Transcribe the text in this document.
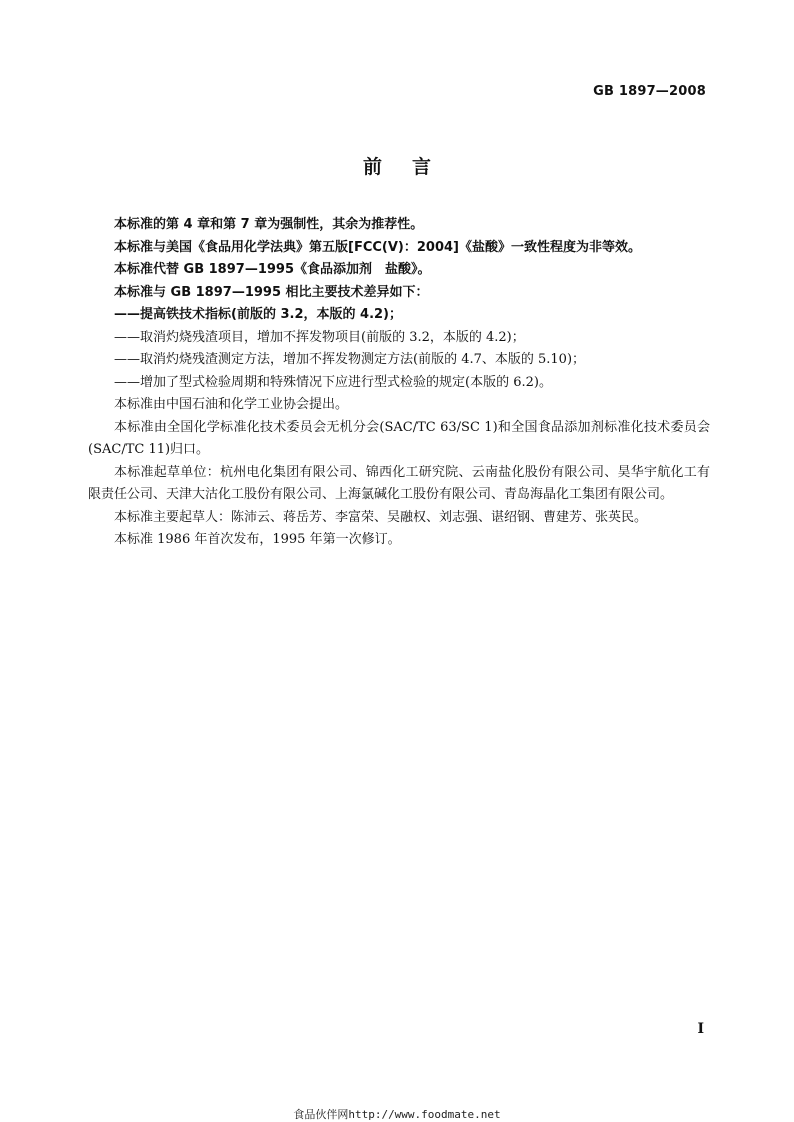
GB 1897—2008
前言

本标准的第 4 章和第 7 章为强制性，其余为推荐性。

本标准与美国《食品用化学法典》第五版[FCC(V)：2004]《盐酸》一致性程度为非等效。

本标准代替 GB 1897—1995《食品添加剂　盐酸》。

本标准与 GB 1897—1995 相比主要技术差异如下：

——提高铁技术指标(前版的 3.2，本版的 4.2)；

——取消灼烧残渣项目，增加不挥发物项目(前版的 3.2，本版的 4.2)；

——取消灼烧残渣测定方法，增加不挥发物测定方法(前版的 4.7、本版的 5.10)；

——增加了型式检验周期和特殊情况下应进行型式检验的规定(本版的 6.2)。

本标准由中国石油和化学工业协会提出。

本标准由全国化学标准化技术委员会无机分会(SAC/TC 63/SC 1)和全国食品添加剂标准化技术委员会(SAC/TC 11)归口。

本标准起草单位：杭州电化集团有限公司、锦西化工研究院、云南盐化股份有限公司、昊华宇航化工有限责任公司、天津大沽化工股份有限公司、上海氯碱化工股份有限公司、青岛海晶化工集团有限公司。

本标准主要起草人：陈沛云、蒋岳芳、李富荣、吴融权、刘志强、谌绍钢、曹建芳、张英民。

本标准 1986 年首次发布，1995 年第一次修订。

I
食品伙伴网http://www.foodmate.net
